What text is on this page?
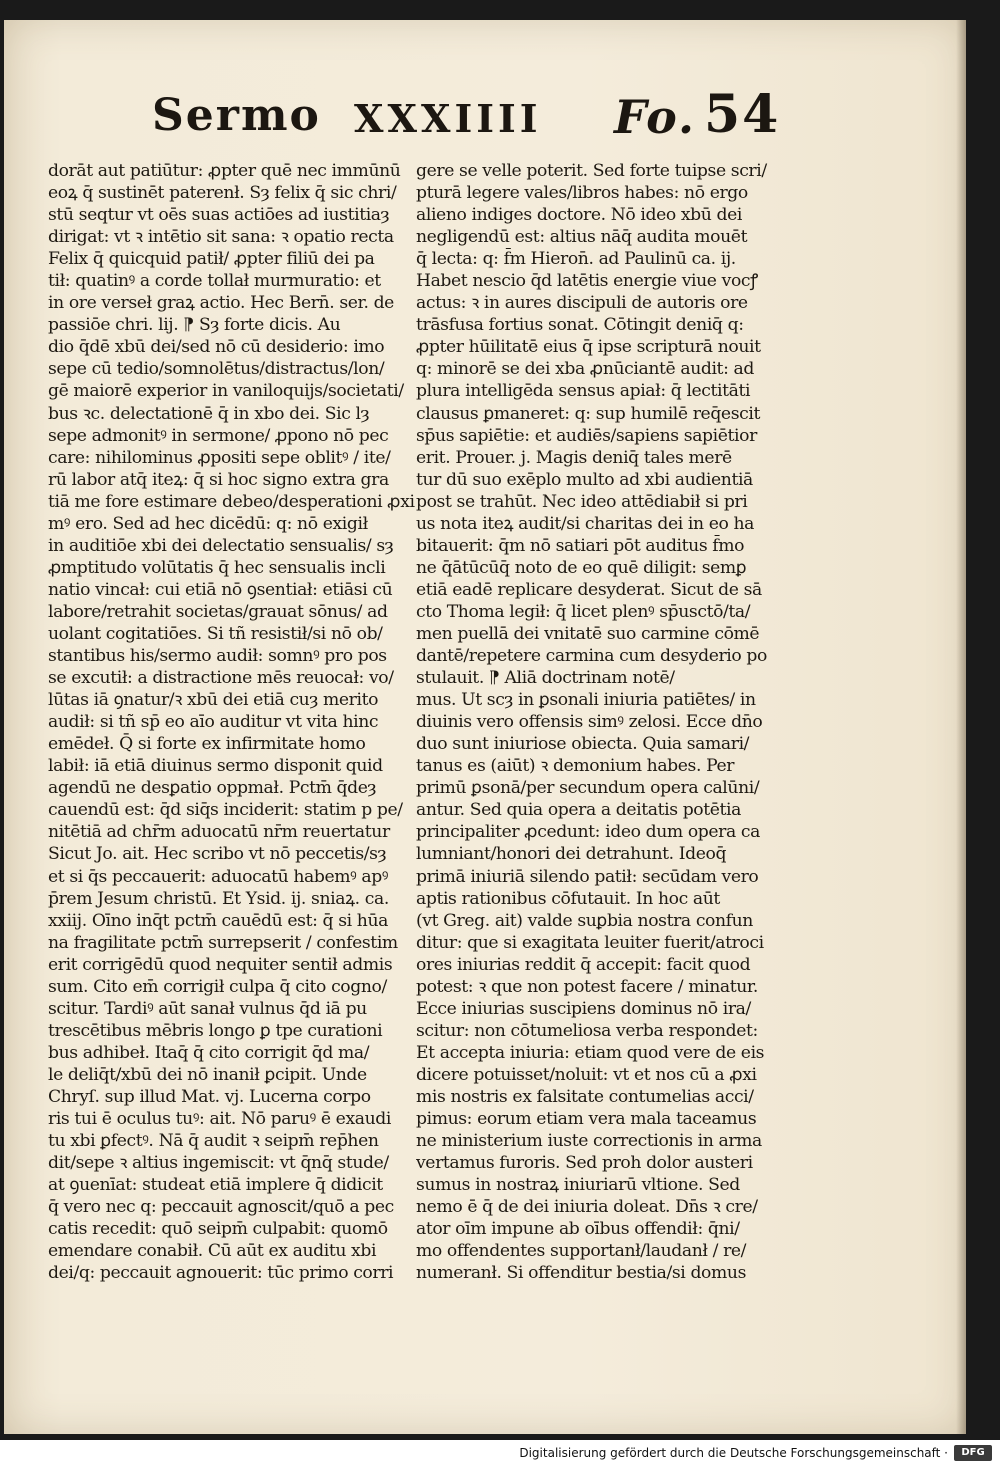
Sermo XXXIIII Fo. 54
dorāt aut patiūtur: ꝓpter quē nec immūnū
eoꝝ q̄ sustinēt paterenł. Sȝ felix q̄ sic chri/
stū seqtur vt oēs suas actiōes ad iustitiaȝ
dirigat: vt ꝛ intētio sit sana: ꝛ opatio recta
Felix q̄ quicquid patił/ ꝓpter filiū dei pa
tił: quatinꝰ a corde tollał murmuratio: et
in ore verseł graꝝ actio. Hec Bern̄. ser. de
passiōe chri. lij. ⁋ Sȝ forte dicis. Au
dio q̄dē xbū dei/sed nō cū desiderio: imo
sepe cū tedio/somnolētus/distractus/lon/
gē maiorē experior in vaniloquijs/societati/
bus ꝛc. delectationē q̄ in xbo dei. Sic lȝ
sepe admonitꝰ in sermone/ ꝓpono nō pec
care: nihilominus ꝓpositi sepe oblitꝰ / ite/
rū labor atq̄ iteꝝ: q̄ si hoc signo extra gra
tiā me fore estimare debeo/desperationi ꝓxi
mꝰ ero. Sed ad hec dicēdū: q: nō exigił
in auditiōe xbi dei delectatio sensualis/ sȝ
ꝓmptitudo volūtatis q̄ hec sensualis incli
natio vincał: cui etiā nō ꝯsentiał: etiāsi cū
labore/retrahit societas/grauat sōnus/ ad
uolant cogitatiōes. Si tñ resistił/si nō ob/
stantibus his/sermo audił: somnꝰ pro pos
se excutił: a distractione mēs reuocał: vo/
lūtas iā ꝯnatur/ꝛ xbū dei etiā cuȝ merito
audił: si tñ sp̄ eo aīo auditur vt vita hinc
emēdeł. Q̄ si forte ex infirmitate homo
labił: iā etiā diuinus sermo disponit quid
agendū ne desꝑatio oppmał. Pctm̄ q̄deȝ
cauendū est: q̄d siq̄s inciderit: statim p pe/
nitētiā ad chr̄m aduocatū nr̄m reuertatur
Sicut Jo. ait. Hec scribo vt nō peccetis/sȝ
et si q̄s peccauerit: aduocatū habemꝰ apꝰ
p̄rem Jesum christū. Et Ysid. ij. sniaꝝ. ca.
xxiij. Oīno inq̄t pctm̄ cauēdū est: q̄ si hūa
na fragilitate pctm̄ surrepserit / confestim
erit corrigēdū quod nequiter sentił admis
sum. Cito em̄ corrigił culpa q̄ cito cogno/
scitur. Tardiꝰ aūt sanał vulnus q̄d iā pu
trescētibus mēbris longo ꝑ tpe curationi
bus adhibeł. Itaq̄ q̄ cito corrigit q̄d ma/
le deliq̄t/xbū dei nō inanił ꝑcipit. Unde
Chryſ. sup illud Mat. vj. Lucerna corpo
ris tui ē oculus tuꝰ: ait. Nō paruꝰ ē exaudi
tu xbi ꝑfectꝰ. Nā q̄ audit ꝛ seipm̄ rep̄hen
dit/sepe ꝛ altius ingemiscit: vt q̄nq̄ stude/
at ꝯuenīat: studeat etiā implere q̄ didicit
q̄ vero nec q: peccauit agnoscit/quō a pec
catis recedit: quō seipm̄ culpabit: quomō
emendare conabił. Cū aūt ex auditu xbi
dei/q: peccauit agnouerit: tūc primo corri
gere se velle poterit. Sed forte tuipse scri/
pturā legere vales/libros habes: nō ergo
alieno indiges doctore. Nō ideo xbū dei
negligendū est: altius nāq̄ audita mouēt
q̄ lecta: q: f̄m Hieron̄. ad Paulinū ca. ij.
Habet nescio q̄d latētis energie viue vocꝭ
actus: ꝛ in aures discipuli de autoris ore
trāsfusa fortius sonat. Cōtingit deniq̄ q:
ꝓpter hūilitatē eius q̄ ipse scripturā nouit
q: minorē se dei xba ꝓnūciantē audit: ad
plura intelligēda sensus apiał: q̄ lectitāti
clausus ꝑmaneret: q: sup humilē req̄escit
sp̄us sapiētie: et audiēs/sapiens sapiētior
erit. Prouer. j. Magis deniq̄ tales merē
tur dū suo exēplo multo ad xbi audientiā
post se trahūt. Nec ideo attēdiabił si pri
us nota iteꝝ audit/si charitas dei in eo ha
bitauerit: q̄m nō satiari pōt auditus f̄mo
ne q̄ātūcūq̄ noto de eo quē diligit: semꝑ
etiā eadē replicare desyderat. Sicut de sā
cto Thoma legił: q̄ licet plenꝰ sp̄usctō/ta/
men puellā dei vnitatē suo carmine cōmē
dantē/repetere carmina cum desyderio po
stulauit. ⁋ Aliā doctrinam notē/
mus. Ut scȝ in ꝑsonali iniuria patiētes/ in
diuinis vero offensis simꝰ zelosi. Ecce dn̄o
duo sunt iniuriose obiecta. Quia samari/
tanus es (aiūt) ꝛ demonium habes. Per
primū ꝑsonā/per secundum opera calūni/
antur. Sed quia opera a deitatis potētia
principaliter ꝓcedunt: ideo dum opera ca
lumniant/honori dei detrahunt. Ideoq̄
primā iniuriā silendo patił: secūdam vero
aptis rationibus cōfutauit. In hoc aūt
(vt Greg. ait) valde suꝑbia nostra confun
ditur: que si exagitata leuiter fuerit/atroci
ores iniurias reddit q̄ accepit: facit quod
potest: ꝛ que non potest facere / minatur.
Ecce iniurias suscipiens dominus nō ira/
scitur: non cōtumeliosa verba respondet:
Et accepta iniuria: etiam quod vere de eis
dicere potuisset/noluit: vt et nos cū a ꝓxi
mis nostris ex falsitate contumelias acci/
pimus: eorum etiam vera mala taceamus
ne ministerium iuste correctionis in arma
vertamus furoris. Sed proh dolor austeri
sumus in nostraꝝ iniuriarū vltione. Sed
nemo ē q̄ de dei iniuria doleat. Dn̄s ꝛ cre/
ator oīm impune ab oībus offendił: q̄ni/
mo offendentes supportanł/laudanł / re/
numeranł. Si offenditur bestia/si domus
Digitalisierung gefördert durch die Deutsche Forschungsgemeinschaft ·	DFG
